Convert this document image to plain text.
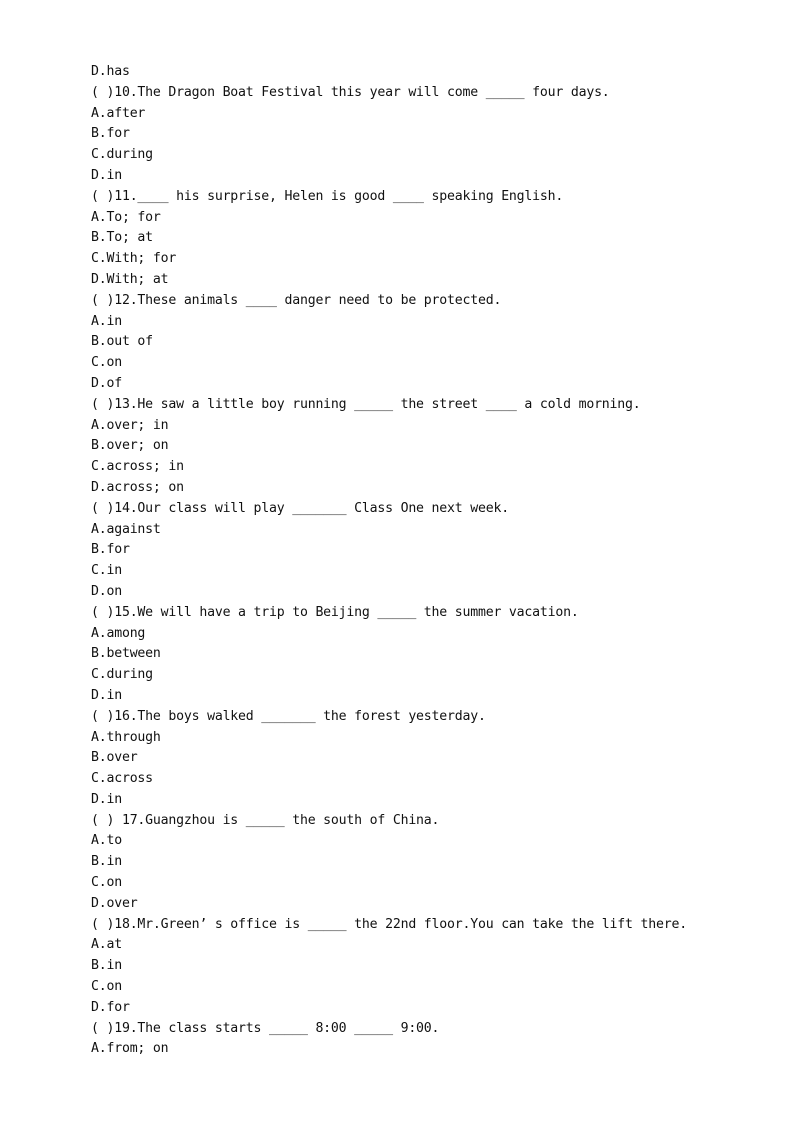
D.has
( )10.The Dragon Boat Festival this year will come _____ four days.
A.after
B.for
C.during
D.in
( )11.____ his surprise, Helen is good ____ speaking English.
A.To; for
B.To; at
C.With; for
D.With; at
( )12.These animals ____ danger need to be protected.
A.in
B.out of
C.on
D.of
( )13.He saw a little boy running _____ the street ____ a cold morning.
A.over; in
B.over; on
C.across; in
D.across; on
( )14.Our class will play _______ Class One next week.
A.against
B.for
C.in
D.on
( )15.We will have a trip to Beijing _____ the summer vacation.
A.among
B.between
C.during
D.in
( )16.The boys walked _______ the forest yesterday.
A.through
B.over
C.across
D.in
( ) 17.Guangzhou is _____ the south of China.
A.to
B.in
C.on
D.over
( )18.Mr.Green’ s office is _____ the 22nd floor.You can take the lift there.
A.at
B.in
C.on
D.for
( )19.The class starts _____ 8:00 _____ 9:00.
A.from; on
